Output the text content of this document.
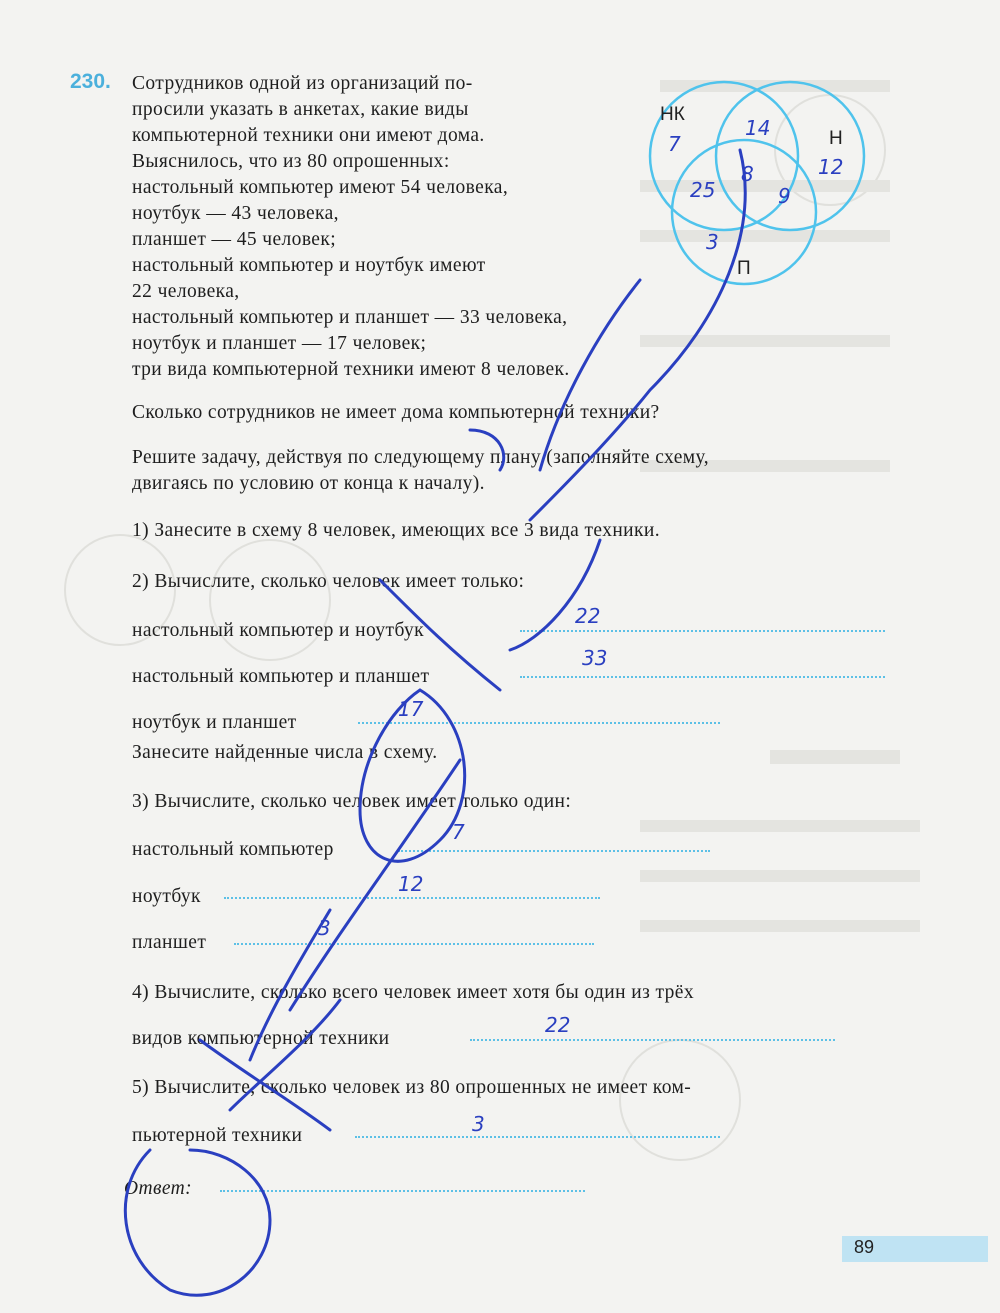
230. Сотрудников одной из организаций по-
просили указать в анкетах, какие виды
компьютерной техники они имеют дома.
Выяснилось, что из 80 опрошенных:
настольный компьютер имеют 54 человека,
ноутбук — 43 человека,
планшет — 45 человек;
настольный компьютер и ноутбук имеют
22 человека,
настольный компьютер и планшет — 33 человека,
ноутбук и планшет — 17 человек;
три вида компьютерной техники имеют 8 человек.
Сколько сотрудников не имеет дома компьютерной техники?
Решите задачу, действуя по следующему плану (заполняйте схему,
двигаясь по условию от конца к началу).
1) Занесите в схему 8 человек, имеющих все 3 вида техники.
2) Вычислите, сколько человек имеет только:
настольный компьютер и ноутбук
настольный компьютер и планшет
ноутбук и планшет
Занесите найденные числа в схему.
3) Вычислите, сколько человек имеет только один:
настольный компьютер
ноутбук
планшет
4) Вычислите, сколько всего человек имеет хотя бы один из трёх
видов компьютерной техники
5) Вычислите, сколько человек из 80 опрошенных не имеет ком-
пьютерной техники
Ответ:
НК
Н
П
7
14
12
8
25	9
3
22
33
17
7
12
3
22
3
89
